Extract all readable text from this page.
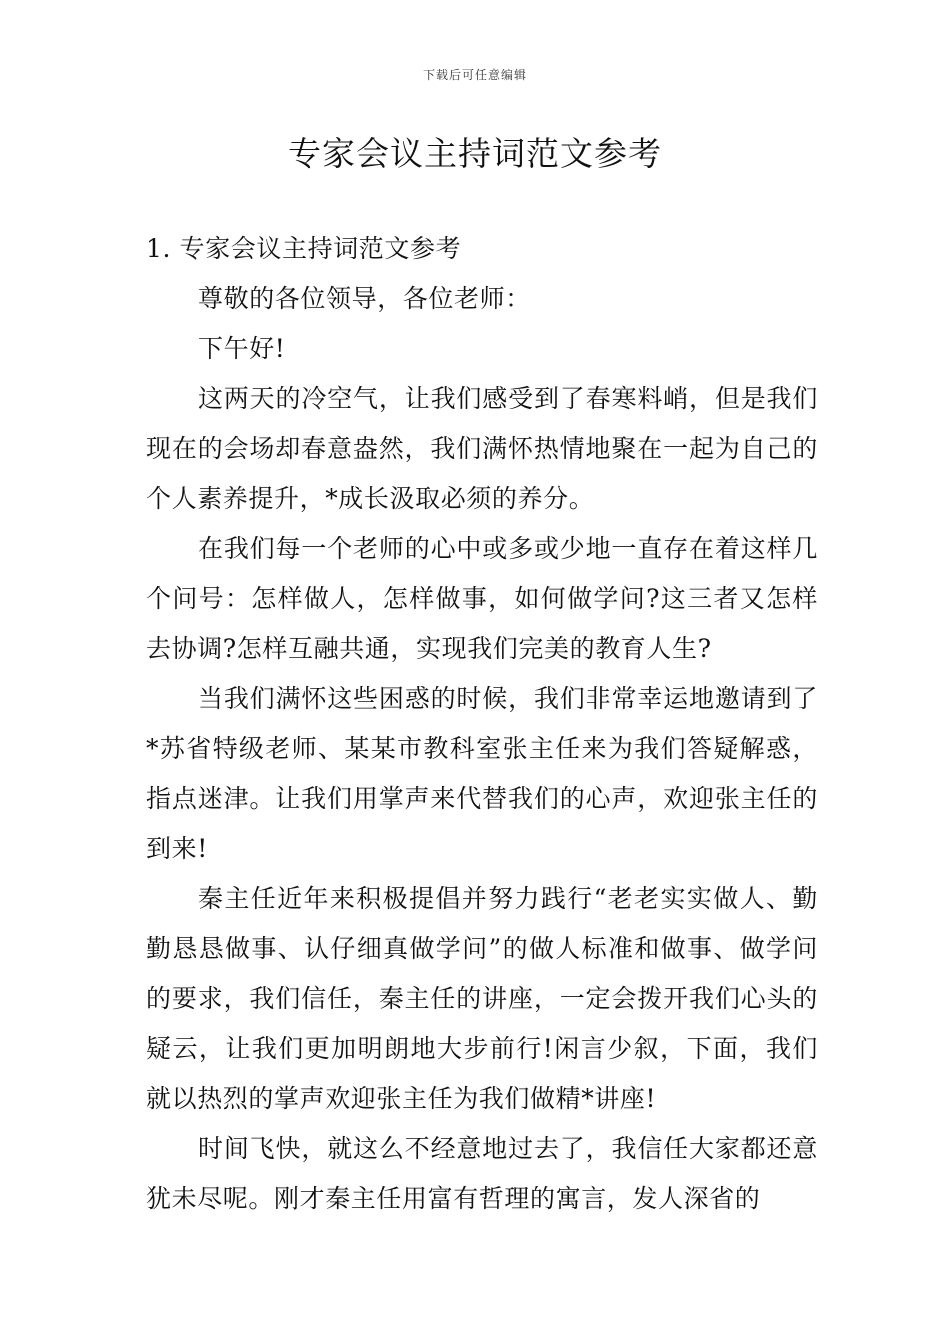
下载后可任意编辑
专家会议主持词范文参考

1. 专家会议主持词范文参考

尊敬的各位领导，各位老师：

下午好!

这两天的冷空气，让我们感受到了春寒料峭，但是我们现在的会场却春意盎然，我们满怀热情地聚在一起为自己的个人素养提升，*成长汲取必须的养分。

在我们每一个老师的心中或多或少地一直存在着这样几个问号：怎样做人，怎样做事，如何做学问?这三者又怎样去协调?怎样互融共通，实现我们完美的教育人生?

当我们满怀这些困惑的时候，我们非常幸运地邀请到了*苏省特级老师、某某市教科室张主任来为我们答疑解惑，指点迷津。让我们用掌声来代替我们的心声，欢迎张主任的到来!

秦主任近年来积极提倡并努力践行“老老实实做人、勤勤恳恳做事、认仔细真做学问”的做人标准和做事、做学问的要求，我们信任，秦主任的讲座，一定会拨开我们心头的疑云，让我们更加明朗地大步前行!闲言少叙，下面，我们就以热烈的掌声欢迎张主任为我们做精*讲座!

时间飞快，就这么不经意地过去了，我信任大家都还意犹未尽呢。刚才秦主任用富有哲理的寓言，发人深省的
